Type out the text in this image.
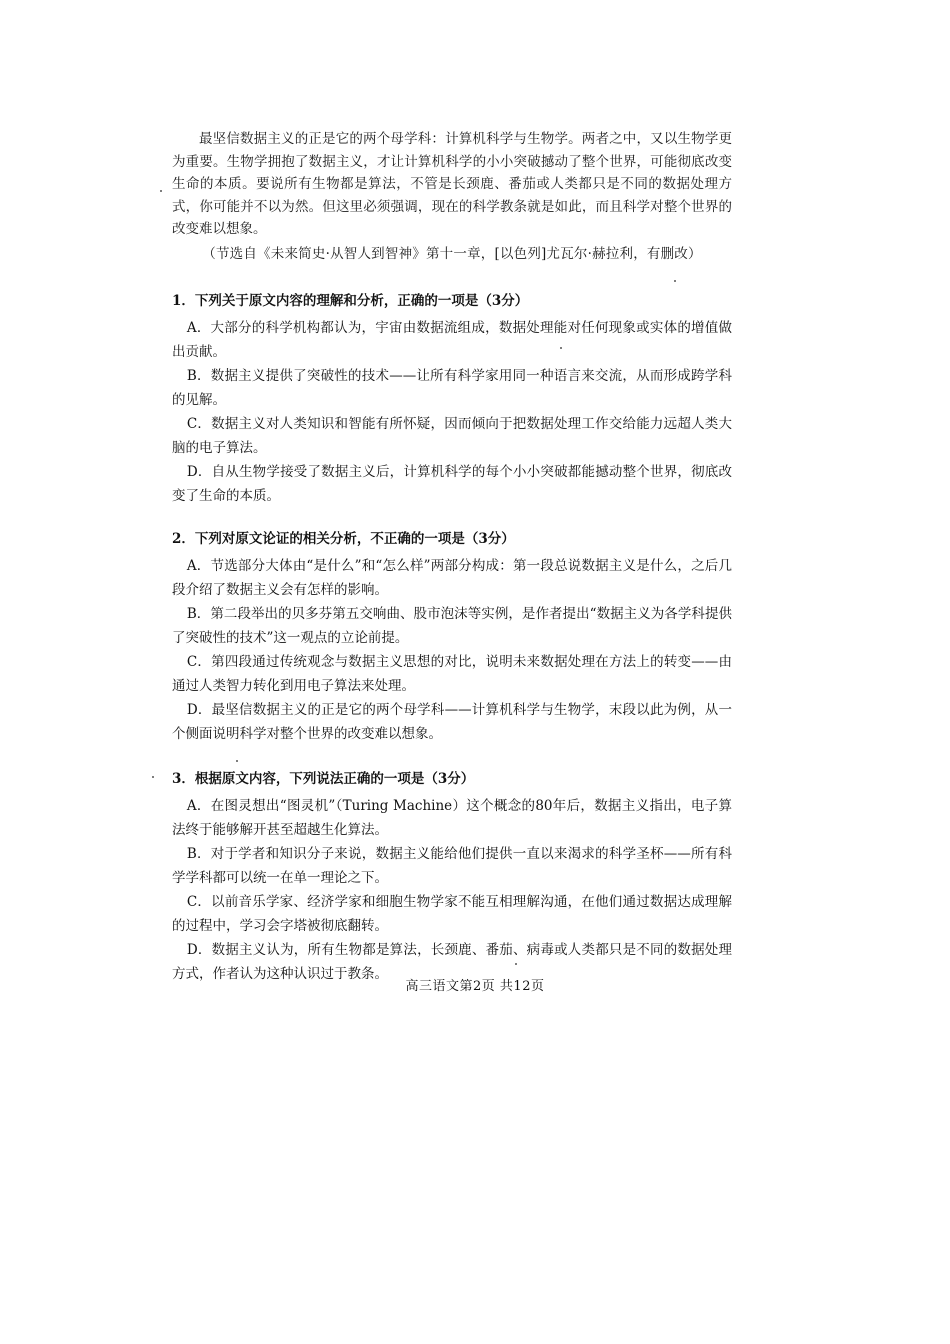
最坚信数据主义的正是它的两个母学科：计算机科学与生物学。两者之中，又以生物学更为重要。生物学拥抱了数据主义，才让计算机科学的小小突破撼动了整个世界，可能彻底改变生命的本质。要说所有生物都是算法，不管是长颈鹿、番茄或人类都只是不同的数据处理方式，你可能并不以为然。但这里必须强调，现在的科学教条就是如此，而且科学对整个世界的改变难以想象。

（节选自《未来简史·从智人到智神》第十一章，[以色列]尤瓦尔·赫拉利，有删改）
1．下列关于原文内容的理解和分析，正确的一项是（3分）

A．大部分的科学机构都认为，宇宙由数据流组成，数据处理能对任何现象或实体的增值做出贡献。

B．数据主义提供了突破性的技术——让所有科学家用同一种语言来交流，从而形成跨学科的见解。

C．数据主义对人类知识和智能有所怀疑，因而倾向于把数据处理工作交给能力远超人类大脑的电子算法。

D．自从生物学接受了数据主义后，计算机科学的每个小小突破都能撼动整个世界，彻底改变了生命的本质。

2．下列对原文论证的相关分析，不正确的一项是（3分）

A．节选部分大体由“是什么”和“怎么样”两部分构成：第一段总说数据主义是什么，之后几段介绍了数据主义会有怎样的影响。

B．第二段举出的贝多芬第五交响曲、股市泡沫等实例，是作者提出“数据主义为各学科提供了突破性的技术”这一观点的立论前提。

C．第四段通过传统观念与数据主义思想的对比，说明未来数据处理在方法上的转变——由通过人类智力转化到用电子算法来处理。

D．最坚信数据主义的正是它的两个母学科——计算机科学与生物学，末段以此为例，从一个侧面说明科学对整个世界的改变难以想象。

3．根据原文内容，下列说法正确的一项是（3分）

A．在图灵想出“图灵机”（Turing Machine）这个概念的80年后，数据主义指出，电子算法终于能够解开甚至超越生化算法。

B．对于学者和知识分子来说，数据主义能给他们提供一直以来渴求的科学圣杯——所有科学学科都可以统一在单一理论之下。

C．以前音乐学家、经济学家和细胞生物学家不能互相理解沟通，在他们通过数据达成理解的过程中，学习会字塔被彻底翻转。

D．数据主义认为，所有生物都是算法，长颈鹿、番茄、病毒或人类都只是不同的数据处理方式，作者认为这种认识过于教条。

高三语文第2页 共12页
